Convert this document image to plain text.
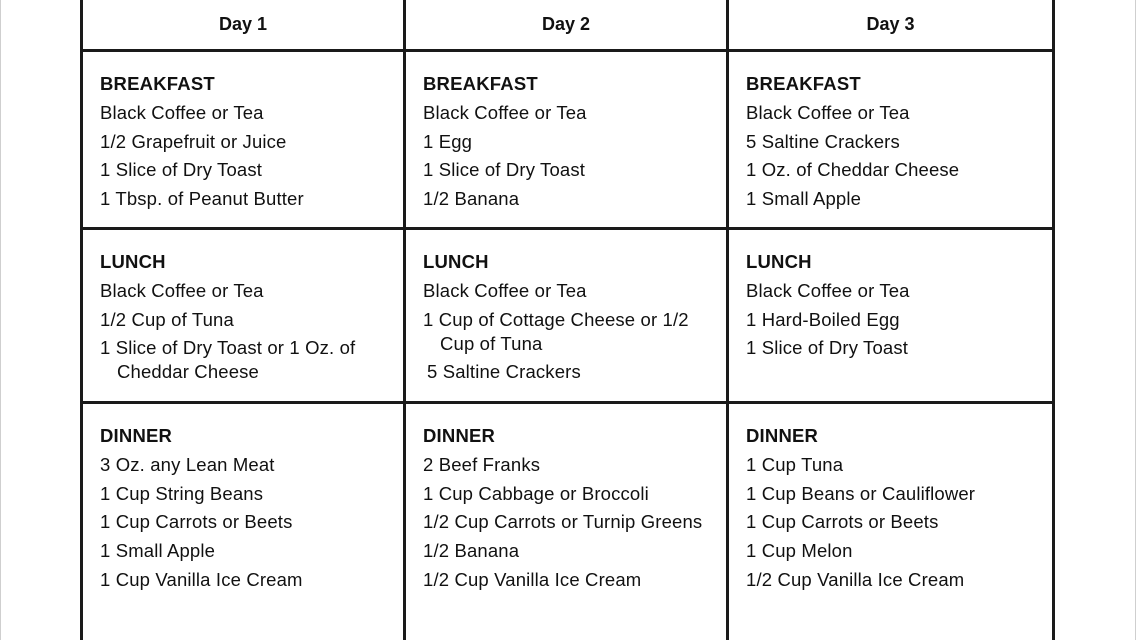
Day 1	Day 2	Day 3
BREAKFAST
Black Coffee or Tea
1/2 Grapefruit or Juice
1 Slice of Dry Toast
1 Tbsp. of Peanut Butter
BREAKFAST
Black Coffee or Tea
1 Egg
1 Slice of Dry Toast
1/2 Banana
BREAKFAST
Black Coffee or Tea
5 Saltine Crackers
1 Oz. of Cheddar Cheese
1 Small Apple
LUNCH
Black Coffee or Tea
1/2 Cup of Tuna
1 Slice of Dry Toast or 1 Oz. of Cheddar Cheese
LUNCH
Black Coffee or Tea
1 Cup of Cottage Cheese or 1/2 Cup of Tuna
5 Saltine Crackers
LUNCH
Black Coffee or Tea
1 Hard-Boiled Egg
1 Slice of Dry Toast
DINNER
3 Oz. any Lean Meat
1 Cup String Beans
1 Cup Carrots or Beets
1 Small Apple
1 Cup Vanilla Ice Cream
DINNER
2 Beef Franks
1 Cup Cabbage or Broccoli
1/2 Cup Carrots or Turnip Greens
1/2 Banana
1/2 Cup Vanilla Ice Cream
DINNER
1 Cup Tuna
1 Cup Beans or Cauliflower
1 Cup Carrots or Beets
1 Cup Melon
1/2 Cup Vanilla Ice Cream
